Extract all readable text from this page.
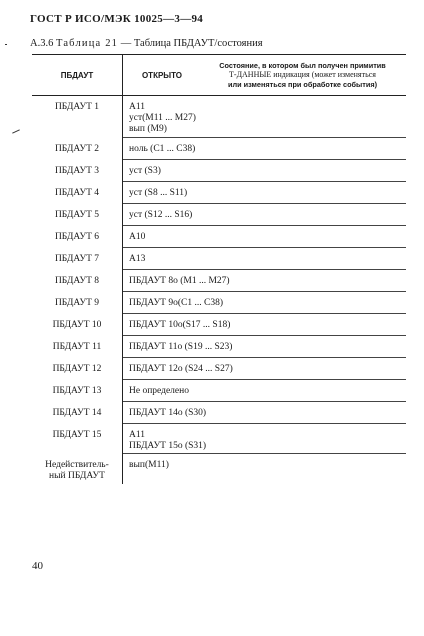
ГОСТ Р ИСО/МЭК 10025—3—94
А.3.6 Таблица 21 — Таблица ПБДАУТ/состояния
ПБДАУТ	ОТКРЫТО	Состояние, в котором был получен примитив
Т-ДАННЫЕ индикация (может изменяться
или изменяться при обработке события)

ПБДАУТ 1	А11
уст(М11 ... М27)
вып (М9)	

ПБДАУТ 2	ноль (С1 ... С38)	

ПБДАУТ 3	уст (S3)	

ПБДАУТ 4	уст (S8 ... S11)	

ПБДАУТ 5	уст (S12 ... S16)	

ПБДАУТ 6	А10	

ПБДАУТ 7	А13	

ПБДАУТ 8	ПБДАУТ 8о (М1 ... М27)	

ПБДАУТ 9	ПБДАУТ 9о(С1 ... С38)	

ПБДАУТ 10	ПБДАУТ 10о(S17 ... S18)	

ПБДАУТ 11	ПБДАУТ 11о (S19 ... S23)	

ПБДАУТ 12	ПБДАУТ 12о (S24 ... S27)	

ПБДАУТ 13	Не определено	

ПБДАУТ 14	ПБДАУТ 14о (S30)	

ПБДАУТ 15	А11
ПБДАУТ 15о (S31)	

Недействитель-
ный ПБДАУТ	вып(М11)	
40
